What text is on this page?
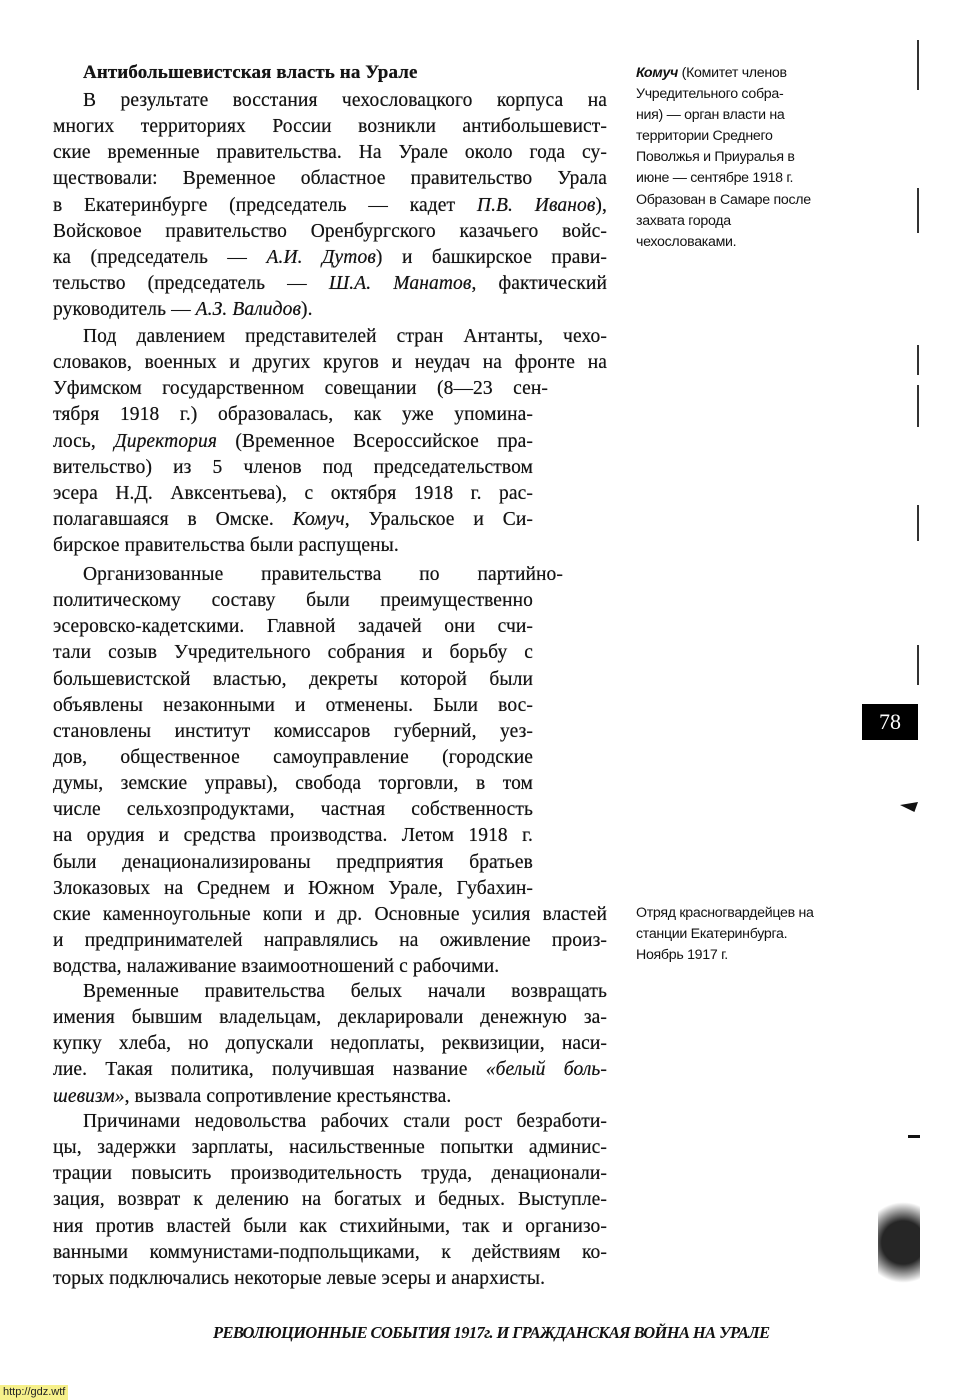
Антибольшевистская власть на Урале
В результате восстания чехословацкого корпуса на
многих территориях России возникли антибольшевист-
ские временные правительства. На Урале около года су-
ществовали: Временное областное правительство Урала
в Екатеринбурге (председатель — кадет П.В. Иванов),
Войсковое правительство Оренбургского казачьего войс-
ка (председатель — А.И. Дутов) и башкирское прави-
тельство (председатель — Ш.А. Манатов, фактический
руководитель — А.З. Валидов).
Под давлением представителей стран Антанты, чехо-
словаков, военных и других кругов и неудач на фронте на
Уфимском государственном совещании (8—23 сен-
тября 1918 г.) образовалась, как уже упомина-
лось, Директория (Временное Всероссийское пра-
вительство) из 5 членов под председательством
эсера Н.Д. Авксентьева), с октября 1918 г. рас-
полагавшаяся в Омске. Комуч, Уральское и Си-
бирское правительства были распущены.
Организованные правительства по партийно-
политическому составу были преимущественно
эсеровско-кадетскими. Главной задачей они счи-
тали созыв Учредительного собрания и борьбу с
большевистской властью, декреты которой были
объявлены незаконными и отменены. Были вос-
становлены институт комиссаров губерний, уез-
дов, общественное самоуправление (городские
думы, земские управы), свобода торговли, в том
числе сельхозпродуктами, частная собственность
на орудия и средства производства. Летом 1918 г.
были денационализированы предприятия братьев
Злоказовых на Среднем и Южном Урале, Губахин-
ские каменноугольные копи и др. Основные усилия властей
и предпринимателей направлялись на оживление произ-
водства, налаживание взаимоотношений с рабочими.
Временные правительства белых начали возвращать
имения бывшим владельцам, декларировали денежную за-
купку хлеба, но допускали недоплаты, реквизиции, наси-
лие. Такая политика, получившая название «белый боль-
шевизм», вызвала сопротивление крестьянства.
Причинами недовольства рабочих стали рост безработи-
цы, задержки зарплаты, насильственные попытки админис-
трации повысить производительность труда, денационали-
зация, возврат к делению на богатых и бедных. Выступле-
ния против властей были как стихийными, так и организо-
ванными коммунистами-подпольщиками, к действиям ко-
торых подключались некоторые левые эсеры и анархисты.
Комуч (Комитет членов
Учредительного собра-
ния) — орган власти на
территории Среднего
Поволжья и Приуралья в
июне — сентябре 1918 г.
Образован в Самаре после
захвата города
чехословаками.
Отряд красногвардейцев на
станции Екатеринбурга.
Ноябрь 1917 г.
78
РЕВОЛЮЦИОННЫЕ СОБЫТИЯ 1917г. И ГРАЖДАНСКАЯ ВОЙНА НА УРАЛЕ
http://gdz.wtf
